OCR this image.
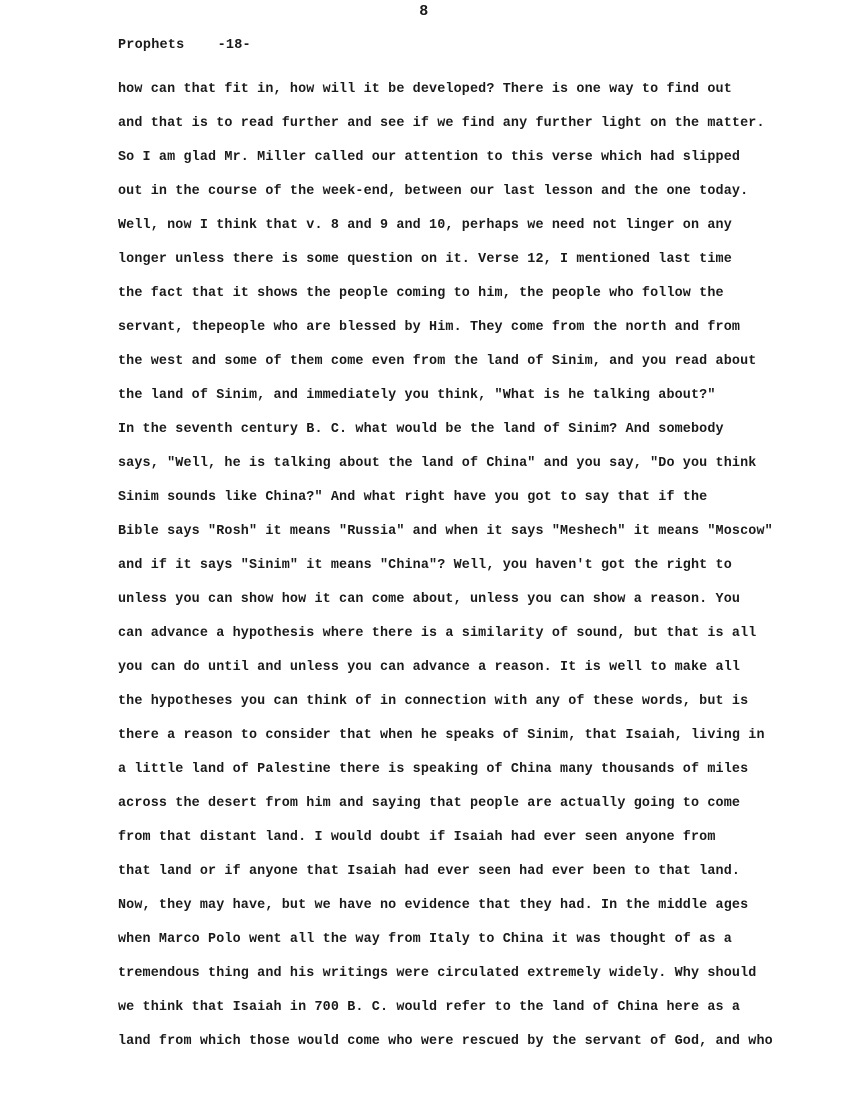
8
Prophets    -18-
how can that fit in, how will it be developed? There is one way to find out
and that is to read further and see if we find any further light on the matter.
So I am glad Mr. Miller called our attention to this verse which had slipped
out in the course of the week-end, between our last lesson and the one today.
Well, now I think that v. 8 and 9 and 10, perhaps we need not linger on any
longer unless there is some question on it. Verse 12, I mentioned last time
the fact that it shows the people coming to him, the people who follow the
servant, thepeople who are blessed by Him. They come from the north and from
the west and some of them come even from the land of Sinim, and you read about
the land of Sinim, and immediately you think, "What is he talking about?"
In the seventh century B. C. what would be the land of Sinim? And somebody
says, "Well, he is talking about the land of China" and you say, "Do you think
Sinim sounds like China?" And what right have you got to say that if the
Bible says "Rosh" it means "Russia" and when it says "Meshech" it means "Moscow"
and if it says "Sinim" it means "China"? Well, you haven't got the right to
unless you can show how it can come about, unless you can show a reason. You
can advance a hypothesis where there is a similarity of sound, but that is all
you can do until and unless you can advance a reason. It is well to make all
the hypotheses you can think of in connection with any of these words, but is
there a reason to consider that when he speaks of Sinim, that Isaiah, living in
a little land of Palestine there is speaking of China many thousands of miles
across the desert from him and saying that people are actually going to come
from that distant land. I would doubt if Isaiah had ever seen anyone from
that land or if anyone that Isaiah had ever seen had ever been to that land.
Now, they may have, but we have no evidence that they had. In the middle ages
when Marco Polo went all the way from Italy to China it was thought of as a
tremendous thing and his writings were circulated extremely widely. Why should
we think that Isaiah in 700 B. C. would refer to the land of China here as a
land from which those would come who were rescued by the servant of God, and who
